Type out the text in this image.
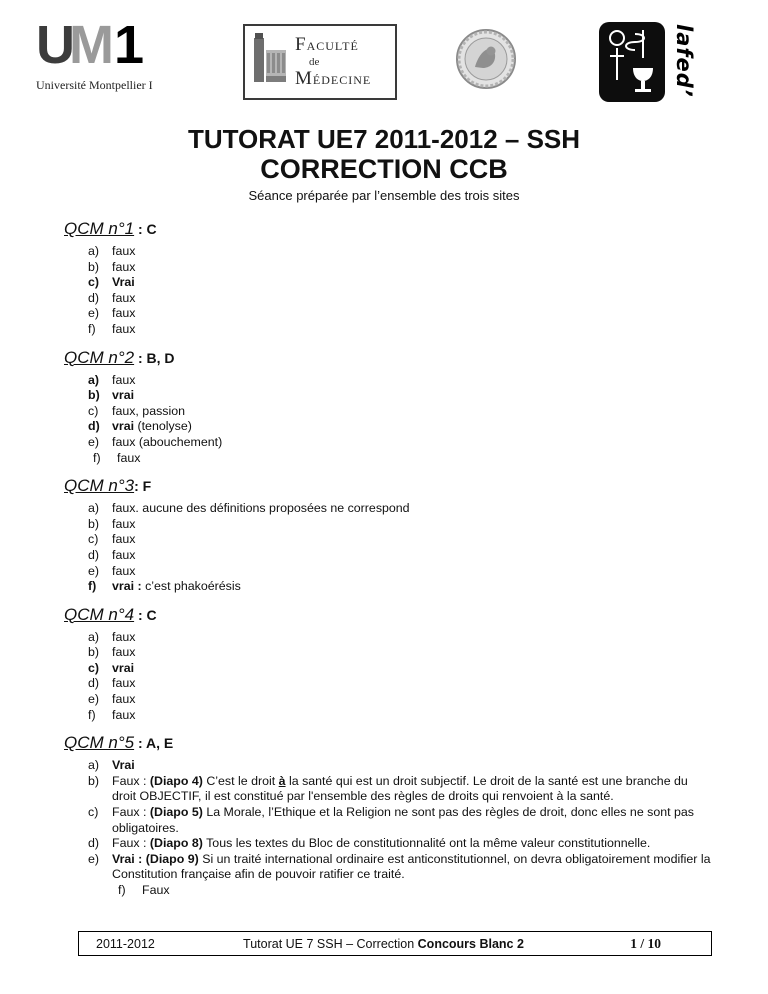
UM 1
Université Montpellier I
FACULTÉ
de
MÉDECINE	lafed’
TUTORAT UE7 2011-2012 – SSH
CORRECTION CCB
Séance préparée par l’ensemble des trois sites
QCM n°1 : C
a)	faux
b)	faux
c)	Vrai
d)	faux
e)	faux
f)	faux
QCM n°2 : B, D
a)	faux
b) vrai
c)	faux, passion
d) vrai (tenolyse)
e)	faux (abouchement)
f)	faux
QCM n°3: F
a)	faux. aucune des définitions proposées ne correspond
b)	faux
c)	faux
d)	faux
e)	faux
f)	vrai : c’est phakoérésis
QCM n°4 : C
a)	faux
b)	faux
c)	vrai
d)	faux
e)	faux
f)	faux
QCM n°5 : A, E
a)	Vrai
b)	Faux : (Diapo 4) C’est le droit à la santé qui est un droit subjectif. Le droit de la santé est une branche du droit OBJECTIF, il est constitué par l'ensemble des règles de droits qui renvoient à la santé.
c)	Faux : (Diapo 5) La Morale, l’Ethique et la Religion ne sont pas des règles de droit, donc elles ne sont pas obligatoires.
d)	Faux : (Diapo 8) Tous les textes du Bloc de constitutionnalité ont la même valeur constitutionnelle.
e)	Vrai : (Diapo 9) Si un traité international ordinaire est anticonstitutionnel, on devra obligatoirement modifier la Constitution française afin de pouvoir ratifier ce traité.
f)	Faux
2011-2012	Tutorat UE 7 SSH – Correction Concours Blanc 2	1 / 10
